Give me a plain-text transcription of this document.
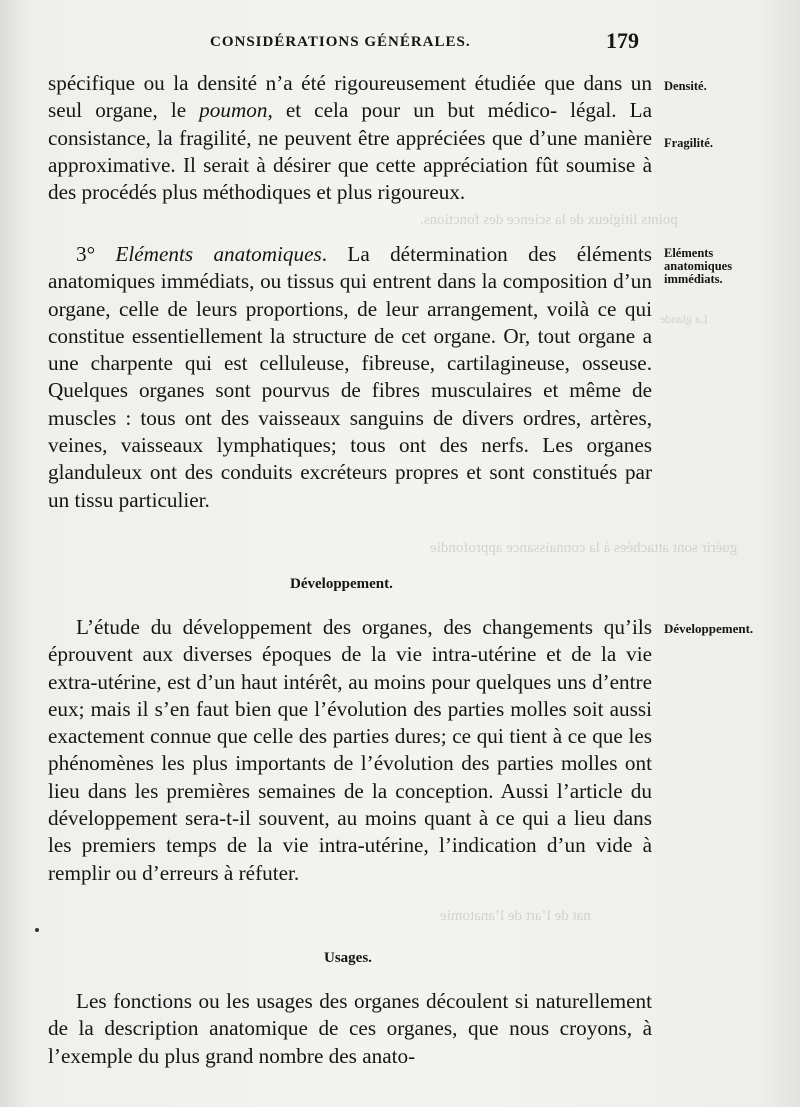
points litigieux de la science des fonctions.
La glande
guérir sont attachées à la connaissance approfondie
nat de l’art de l’anatomie
CONSIDÉRATIONS GÉNÉRALES.	179

spécifique ou la densité n’a été rigoureusement étudiée que dans un seul organe, le poumon, et cela pour un but médico- légal. La consistance, la fragilité, ne peuvent être appréciées que d’une manière approximative. Il serait à désirer que cette appréciation fût soumise à des procédés plus méthodiques et plus rigoureux.

3° Eléments anatomiques. La détermination des éléments anatomiques immédiats, ou tissus qui entrent dans la composition d’un organe, celle de leurs proportions, de leur arrangement, voilà ce qui constitue essentiellement la structure de cet organe. Or, tout organe a une charpente qui est celluleuse, fibreuse, cartilagineuse, osseuse. Quelques organes sont pourvus de fibres musculaires et même de muscles : tous ont des vaisseaux sanguins de divers ordres, artères, veines, vaisseaux lymphatiques; tous ont des nerfs. Les organes glanduleux ont des conduits excréteurs propres et sont constitués par un tissu particulier.

Développement.

L’étude du développement des organes, des changements qu’ils éprouvent aux diverses époques de la vie intra-utérine et de la vie extra-utérine, est d’un haut intérêt, au moins pour quelques uns d’entre eux; mais il s’en faut bien que l’évolution des parties molles soit aussi exactement connue que celle des parties dures; ce qui tient à ce que les phénomènes les plus importants de l’évolution des parties molles ont lieu dans les premières semaines de la conception. Aussi l’article du développement sera-t-il souvent, au moins quant à ce qui a lieu dans les premiers temps de la vie intra-utérine, l’indication d’un vide à remplir ou d’erreurs à réfuter.

Usages.

Les fonctions ou les usages des organes découlent si naturellement de la description anatomique de ces organes, que nous croyons, à l’exemple du plus grand nombre des anato-

Densité.
Fragilité.
Eléments anatomiques immédiats.
Développement.
